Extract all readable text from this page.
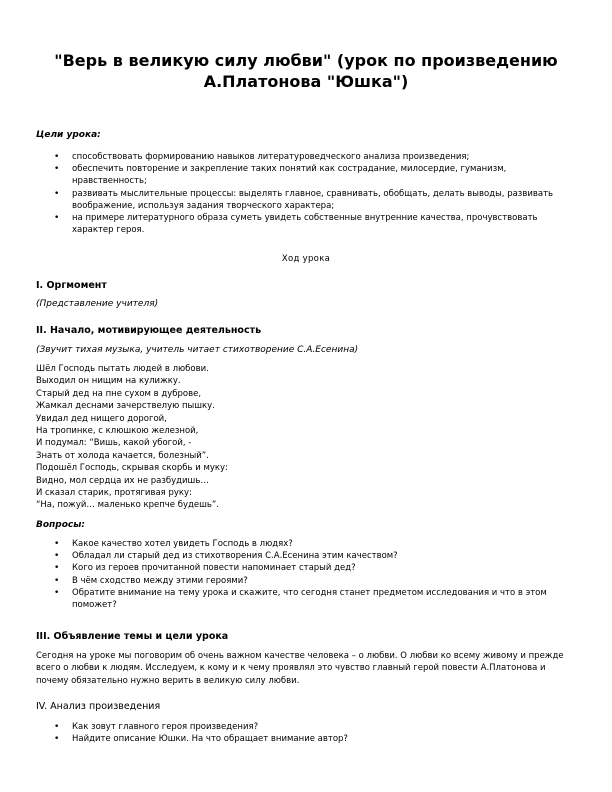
"Верь в великую силу любви" (урок по произведению А.Платонова "Юшка")

Цели урока:

• способствовать формированию навыков литературоведческого анализа произведения;
• обеспечить повторение и закрепление таких понятий как сострадание, милосердие, гуманизм, нравственность;
• развивать мыслительные процессы: выделять главное, сравнивать, обобщать, делать выводы, развивать воображение, используя задания творческого характера;
• на примере литературного образа суметь увидеть собственные внутренние качества, прочувствовать характер героя.

Ход урока

I. Оргмомент

(Представление учителя)

II. Начало, мотивирующее деятельность

(Звучит тихая музыка, учитель читает стихотворение С.А.Есенина)

Шёл Господь пытать людей в любови.
Выходил он нищим на кулижку.
Старый дед на пне сухом в дуброве,
Жамкал деснами зачерствелую пышку.
Увидал дед нищего дорогой,
На тропинке, с клюшкою железной,
И подумал: “Вишь, какой убогой, -
Знать от холода качается, болезный”.
Подошёл Господь, скрывая скорбь и муку:
Видно, мол сердца их не разбудишь…
И сказал старик, протягивая руку:
“На, пожуй… маленько крепче будешь”.

Вопросы:

• Какое качество хотел увидеть Господь в людях?
• Обладал ли старый дед из стихотворения С.А.Есенина этим качеством?
• Кого из героев прочитанной повести напоминает старый дед?
• В чём сходство между этими героями?
• Обратите внимание на тему урока и скажите, что сегодня станет предметом исследования и что в этом поможет?

III. Объявление темы и цели урока

Сегодня на уроке мы поговорим об очень важном качестве человека – о любви. О любви ко всему живому и прежде всего о любви к людям. Исследуем, к кому и к чему проявлял это чувство главный герой повести А.Платонова и почему обязательно нужно верить в великую силу любви.

IV. Анализ произведения

• Как зовут главного героя произведения?
• Найдите описание Юшки. На что обращает внимание автор?
